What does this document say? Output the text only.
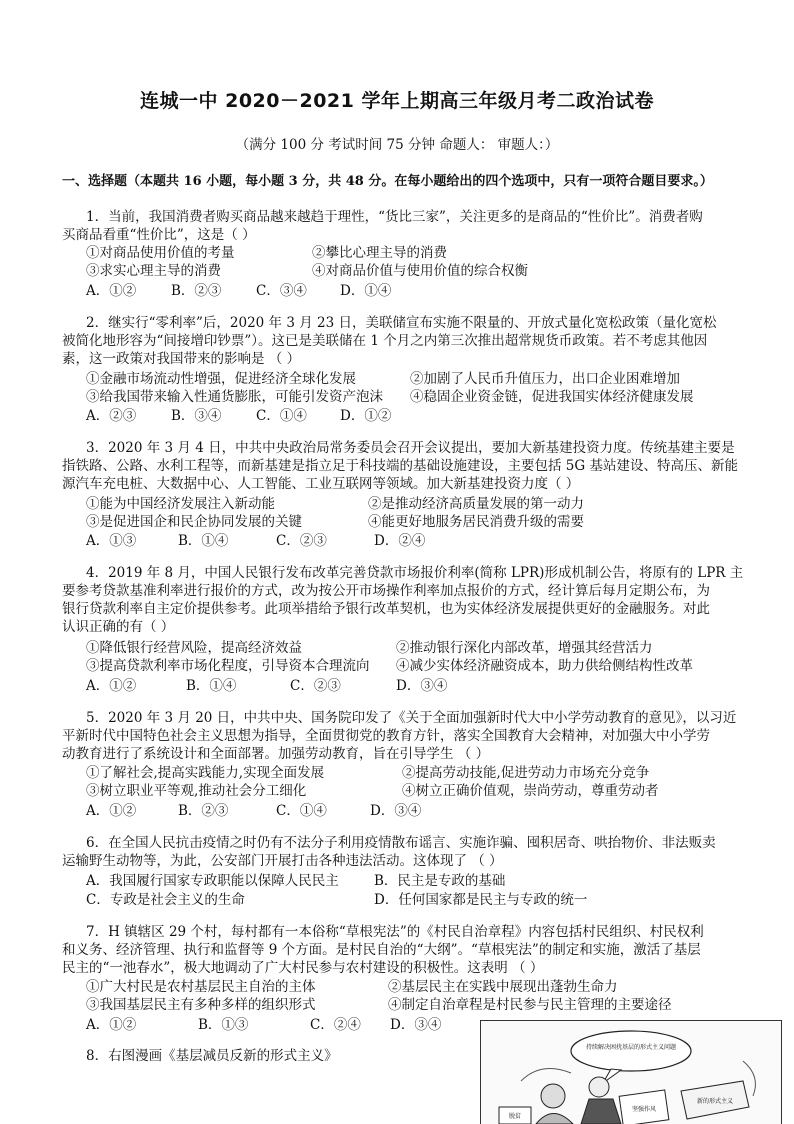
连城一中 2020－2021 学年上期高三年级月考二政治试卷
（满分 100 分 考试时间 75 分钟 命题人： 审题人：）
一、选择题（本题共 16 小题，每小题 3 分，共 48 分。在每小题给出的四个选项中，只有一项符合题目要求。）
1．当前，我国消费者购买商品越来越趋于理性，“货比三家”，关注更多的是商品的“性价比”。消费者购
买商品看重“性价比”，这是（ ）
①对商品使用价值的考量	②攀比心理主导的消费
③求实心理主导的消费	④对商品价值与使用价值的综合权衡
A．①②	B．②③	C．③④ D．①④
2．继实行“零利率”后，2020 年 3 月 23 日，美联储宣布实施不限量的、开放式量化宽松政策（量化宽松
被简化地形容为“间接增印钞票”）。这已是美联储在 1 个月之内第三次推出超常规货币政策。若不考虑其他因
素，这一政策对我国带来的影响是 （ ）
①金融市场流动性增强，促进经济全球化发展	②加剧了人民币升值压力，出口企业困难增加
③给我国带来输入性通货膨胀，可能引发资产泡沫 ④稳固企业资金链，促进我国实体经济健康发展
A．②③	B．③④	C．①④ D．①②
3．2020 年 3 月 4 日，中共中央政治局常务委员会召开会议提出，要加大新基建投资力度。传统基建主要是
指铁路、公路、水利工程等，而新基建是指立足于科技端的基础设施建设，主要包括 5G 基站建设、特高压、新能
源汽车充电桩、大数据中心、人工智能、工业互联网等领域。加大新基建投资力度（ ）
①能为中国经济发展注入新动能	②是推动经济高质量发展的第一动力
③是促进国企和民企协同发展的关键	④能更好地服务居民消费升级的需要
A．①③	B．①④	C．②③	D．②④
4．2019 年 8 月，中国人民银行发布改革完善贷款市场报价利率(简称 LPR)形成机制公告，将原有的 LPR 主
要参考贷款基准利率进行报价的方式，改为按公开市场操作利率加点报价的方式，经计算后每月定期公布，为
银行贷款利率自主定价提供参考。此项举措给予银行改革契机，也为实体经济发展提供更好的金融服务。对此
认识正确的有（ ）
①降低银行经营风险，提高经济效益	②推动银行深化内部改革，增强其经营活力
③提高贷款利率市场化程度，引导资本合理流向 ④减少实体经济融资成本，助力供给侧结构性改革
A．①②	B．①④	C．②③	D．③④
5．2020 年 3 月 20 日，中共中央、国务院印发了《关于全面加强新时代大中小学劳动教育的意见》，以习近
平新时代中国特色社会主义思想为指导，全面贯彻党的教育方针，落实全国教育大会精神，对加强大中小学劳
动教育进行了系统设计和全面部署。加强劳动教育，旨在引导学生 （ ）
①了解社会,提高实践能力,实现全面发展	②提高劳动技能,促进劳动力市场充分竞争
③树立职业平等观,推动社会分工细化	④树立正确价值观，崇尚劳动，尊重劳动者
A．①②	B．②③	C．①④	D．③④
6．在全国人民抗击疫情之时仍有不法分子利用疫情散布谣言、实施诈骗、囤积居奇、哄抬物价、非法贩卖
运输野生动物等，为此，公安部门开展打击各种违法活动。这体现了 （ ）
A．我国履行国家专政职能以保障人民民主	B．民主是专政的基础
C．专政是社会主义的生命	D．任何国家都是民主与专政的统一
7．H 镇辖区 29 个村，每村都有一本俗称“草根宪法”的《村民自治章程》内容包括村民组织、村民权利
和义务、经济管理、执行和监督等 9 个方面。是村民自治的“大纲”。“草根宪法”的制定和实施，激活了基层
民主的“一池春水”，极大地调动了广大村民参与农村建设的积极性。这表明 （ ）
①广大村民是农村基层民主自治的主体	②基层民主在实践中展现出蓬勃生命力
③我国基层民主有多种多样的组织形式	④制定自治章程是村民参与民主管理的主要途径
A．①②	B．①③	C．②④ D．③④
8．右图漫画《基层减员反新的形式主义》
持续解决困扰基层的形式主义问题
脱贫
坚强作风
新的形式主义
